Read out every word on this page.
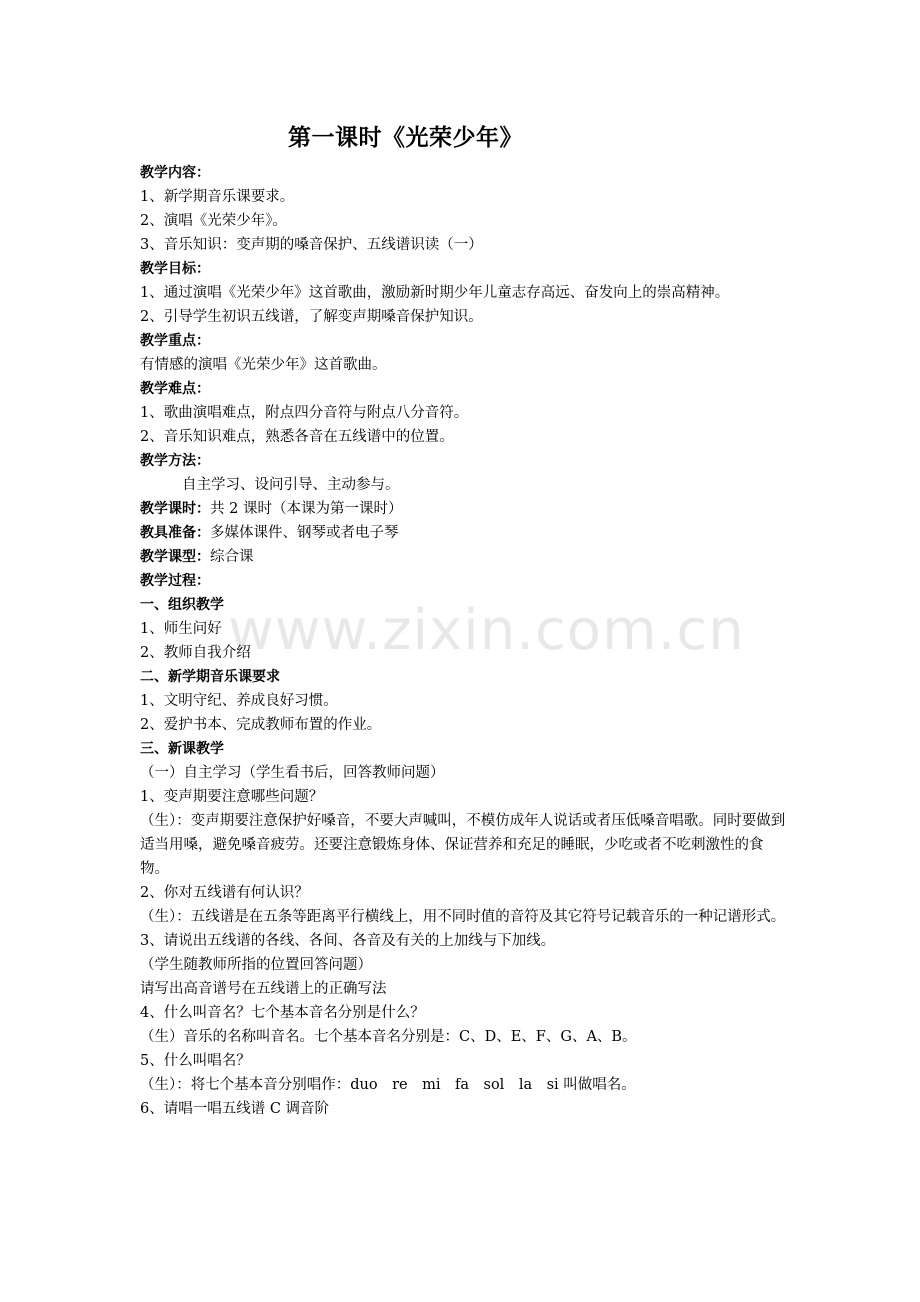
www.zixin.com.cn
第一课时《光荣少年》
教学内容：
1、新学期音乐课要求。
2、演唱《光荣少年》。
3、音乐知识：变声期的嗓音保护、五线谱识读（一）
教学目标：
1、通过演唱《光荣少年》这首歌曲，激励新时期少年儿童志存高远、奋发向上的崇高精神。
2、引导学生初识五线谱，了解变声期嗓音保护知识。
教学重点：
有情感的演唱《光荣少年》这首歌曲。
教学难点：
1、歌曲演唱难点，附点四分音符与附点八分音符。
2、音乐知识难点，熟悉各音在五线谱中的位置。
教学方法：
自主学习、设问引导、主动参与。
教学课时：共 2 课时（本课为第一课时）
教具准备：多媒体课件、钢琴或者电子琴
教学课型：综合课
教学过程：
一、组织教学
1、师生问好
2、教师自我介绍
二、新学期音乐课要求
1、文明守纪、养成良好习惯。
2、爱护书本、完成教师布置的作业。
三、新课教学
（一）自主学习（学生看书后，回答教师问题）
1、变声期要注意哪些问题？
（生）：变声期要注意保护好嗓音，不要大声喊叫，不模仿成年人说话或者压低嗓音唱歌。同时要做到适当用嗓，避免嗓音疲劳。还要注意锻炼身体、保证营养和充足的睡眠，少吃或者不吃刺激性的食物。
2、你对五线谱有何认识？
（生）：五线谱是在五条等距离平行横线上，用不同时值的音符及其它符号记载音乐的一种记谱形式。
3、请说出五线谱的各线、各间、各音及有关的上加线与下加线。
（学生随教师所指的位置回答问题）
请写出高音谱号在五线谱上的正确写法
4、什么叫音名？七个基本音名分别是什么？
（生）音乐的名称叫音名。七个基本音名分别是：C、D、E、F、G、A、B。
5、什么叫唱名？
（生）：将七个基本音分别唱作：duo　re　mi　fa　sol　la　si 叫做唱名。
6、请唱一唱五线谱 C 调音阶
